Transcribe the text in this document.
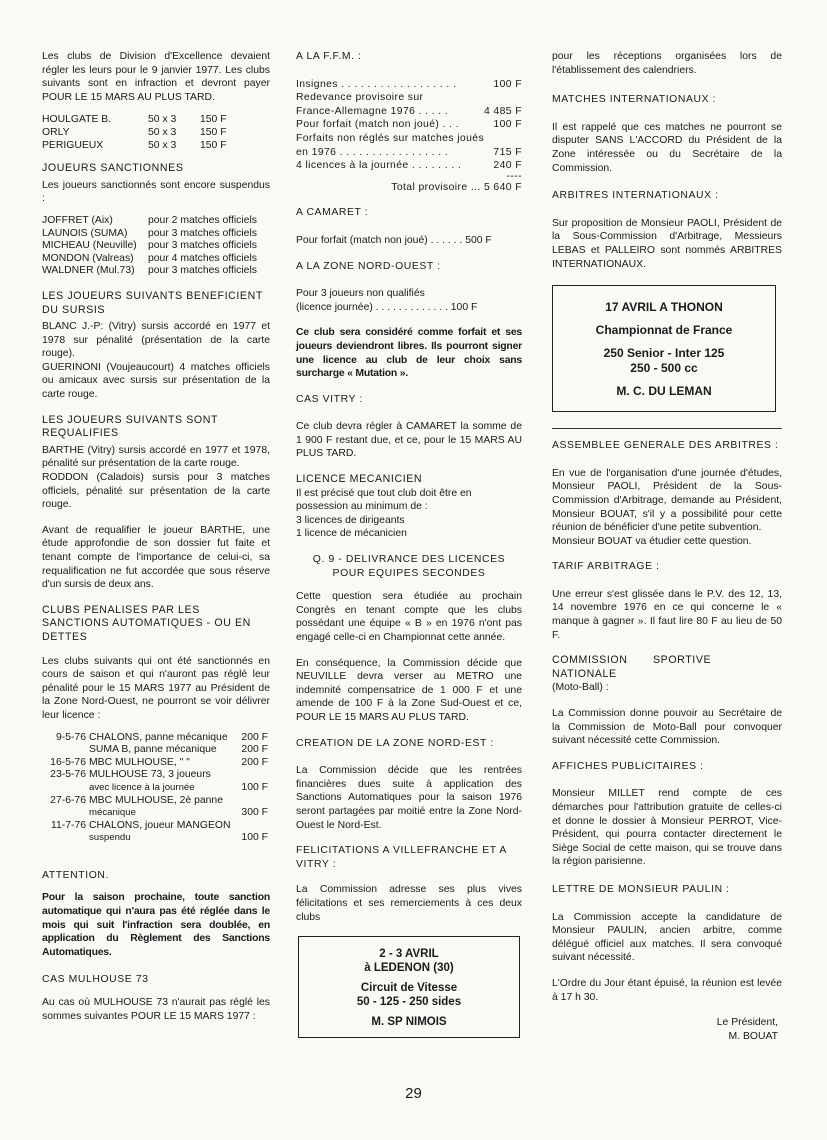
Les clubs de Division d'Excellence devaient régler les leurs pour le 9 janvier 1977. Les clubs suivants sont en infraction et devront payer POUR LE 15 MARS AU PLUS TARD.

HOULGATE B.	50 x 3	150 F
ORLY	50 x 3	150 F
PERIGUEUX	50 x 3	150 F
JOUEURS SANCTIONNES

Les joueurs sanctionnés sont encore suspendus :

JOFFRET (Aix)	pour 2 matches officiels
LAUNOIS (SUMA)	pour 3 matches officiels
MICHEAU (Neuville)	pour 3 matches officiels
MONDON (Valreas)	pour 4 matches officiels
WALDNER (Mul.73)	pour 3 matches officiels
LES JOUEURS SUIVANTS BENEFICIENT DU SURSIS

BLANC J.-P: (Vitry) sursis accordé en 1977 et 1978 sur pénalité (présentation de la carte rouge).

GUERINONI (Voujeaucourt) 4 matches officiels ou amicaux avec sursis sur présentation de la carte rouge.

LES JOUEURS SUIVANTS SONT REQUALIFIES

BARTHE (Vitry) sursis accordé en 1977 et 1978, pénalité sur présentation de la carte rouge.

RODDON (Caladois) sursis pour 3 matches officiels, pénalité sur présentation de la carte rouge.

Avant de requalifier le joueur BARTHE, une étude approfondie de son dossier fut faite et tenant compte de l'importance de celui-ci, sa requalification ne fut accordée que sous réserve d'un sursis de deux ans.

CLUBS PENALISES PAR LES SANCTIONS AUTOMATIQUES - OU EN DETTES

Les clubs suivants qui ont été sanctionnés en cours de saison et qui n'auront pas réglé leur pénalité pour le 15 MARS 1977 au Président de la Zone Nord-Ouest, ne pourront se voir délivrer leur licence :

9-5-76	CHALONS, panne mécanique	200 F
	SUMA B, panne mécanique	200 F
16-5-76	MBC MULHOUSE, " "	200 F
23-5-76	MULHOUSE 73, 3 joueurs	
	avec licence à la journée	100 F
27-6-76	MBC MULHOUSE, 2è panne	
	mécanique	300 F
11-7-76	CHALONS, joueur MANGEON	
	suspendu	100 F
ATTENTION.

Pour la saison prochaine, toute sanction automatique qui n'aura pas été réglée dans le mois qui suit l'infraction sera doublée, en application du Règlement des Sanctions Automatiques.

CAS MULHOUSE 73

Au cas où MULHOUSE 73 n'aurait pas réglé les sommes suivantes POUR LE 15 MARS 1977 :

A LA F.F.M. :
Insignes . . . . . . . . . . . . . . . . . .	100 F
Redevance provisoire sur
France-Allemagne 1976 . . . . .	4 485 F
Pour forfait (match non joué) . . .	100 F
Forfaits non réglés sur matches joués
en 1976 . . . . . . . . . . . . . . . . .	715 F
4 licences à la journée . . . . . . . .	240 F
----
Total provisoire ... 5 640 F
A CAMARET :

Pour forfait (match non joué) . . . . . . 500 F

A LA ZONE NORD-OUEST :
Pour 3 joueurs non qualifiés
(licence journée) . . . . . . . . . . . . . 100 F

Ce club sera considéré comme forfait et ses joueurs deviendront libres. Ils pourront signer une licence au club de leur choix sans surcharge « Mutation ».

CAS VITRY :

Ce club devra régler à CAMARET la somme de 1 900 F restant due, et ce, pour le 15 MARS AU PLUS TARD.

LICENCE MECANICIEN
Il est précisé que tout club doit être en possession au minimum de :
3 licences de dirigeants
1 licence de mécanicien
Q. 9 - DELIVRANCE DES LICENCES POUR EQUIPES SECONDES

Cette question sera étudiée au prochain Congrès en tenant compte que les clubs possédant une équipe « B » en 1976 n'ont pas engagé celle-ci en Championnat cette année.

En conséquence, la Commission décide que NEUVILLE devra verser au METRO une indemnité compensatrice de 1 000 F et une amende de 100 F à la Zone Sud-Ouest et ce, POUR LE 15 MARS AU PLUS TARD.

CREATION DE LA ZONE NORD-EST :

La Commission décide que les rentrées financières dues suite à application des Sanctions Automatiques pour la saison 1976 seront partagées par moitié entre la Zone Nord-Ouest le Nord-Est.

FELICITATIONS A VILLEFRANCHE ET A VITRY :

La Commission adresse ses plus vives félicitations et ses remerciements à ces deux clubs

2 - 3 AVRIL
à LEDENON (30)
Circuit de Vitesse
50 - 125 - 250 sides
M. SP NIMOIS

pour les réceptions organisées lors de l'établissement des calendriers.

MATCHES INTERNATIONAUX :

Il est rappelé que ces matches ne pourront se disputer SANS L'ACCORD du Président de la Zone intéressée ou du Secrétaire de la Commission.

ARBITRES INTERNATIONAUX :

Sur proposition de Monsieur PAOLI, Président de la Sous-Commission d'Arbitrage, Messieurs LEBAS et PALLEIRO sont nommés ARBITRES INTERNATIONAUX.

17 AVRIL A THONON
Championnat de France
250 Senior - Inter 125
250 - 500 cc
M. C. DU LEMAN
ASSEMBLEE GENERALE DES ARBITRES :

En vue de l'organisation d'une journée d'études, Monsieur PAOLI, Président de la Sous-Commission d'Arbitrage, demande au Président, Monsieur BOUAT, s'il y a possibilité pour cette réunion de bénéficier d'une petite subvention.

Monsieur BOUAT va étudier cette question.

TARIF ARBITRAGE :

Une erreur s'est glissée dans le P.V. des 12, 13, 14 novembre 1976 en ce qui concerne le « manque à gagner ». Il faut lire 80 F au lieu de 50 F.

COMMISSION SPORTIVE NATIONALE
(Moto-Ball) :

La Commission donne pouvoir au Secrétaire de la Commission de Moto-Ball pour convoquer suivant nécessité cette Commission.

AFFICHES PUBLICITAIRES :

Monsieur MILLET rend compte de ces démarches pour l'attribution gratuite de celles-ci et donne le dossier à Monsieur PERROT, Vice-Président, qui pourra contacter directement le Siège Social de cette maison, qui se trouve dans la région parisienne.

LETTRE DE MONSIEUR PAULIN :

La Commission accepte la candidature de Monsieur PAULIN, ancien arbitre, comme délégué officiel aux matches. Il sera convoqué suivant nécessité.

L'Ordre du Jour étant épuisé, la réunion est levée à 17 h 30.

Le Président,
M. BOUAT
29
